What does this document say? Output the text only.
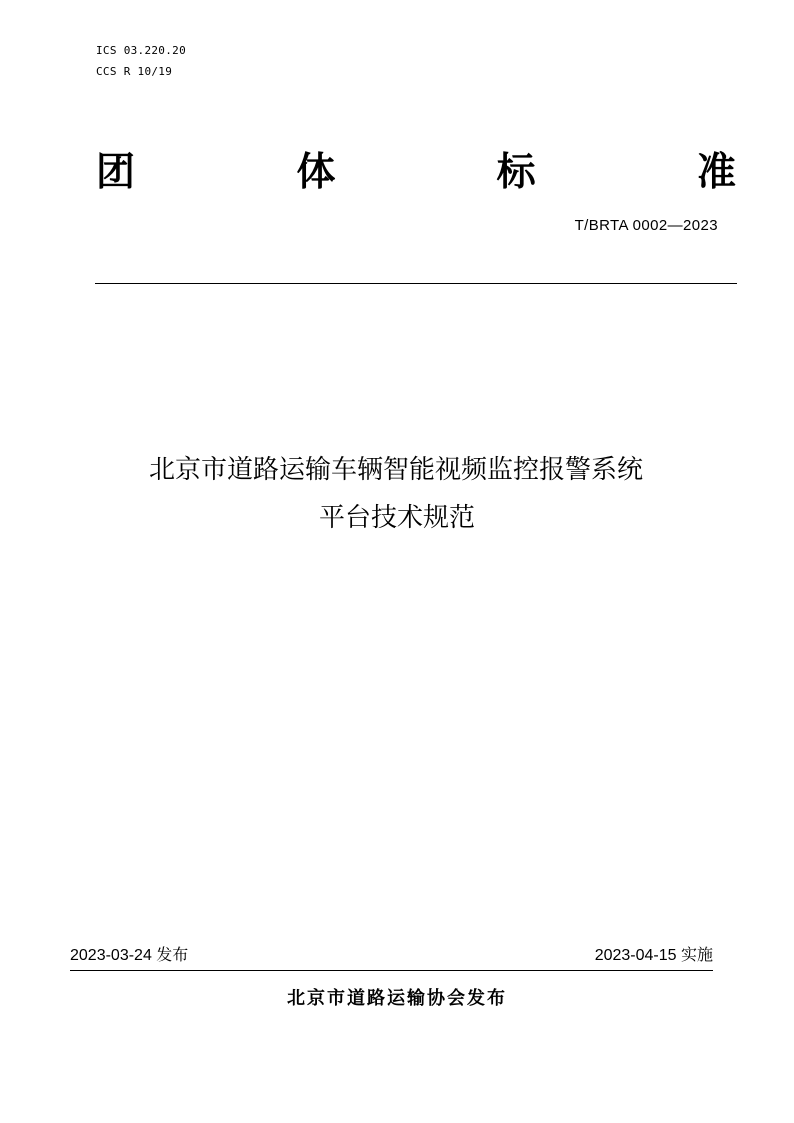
ICS 03.220.20
CCS R 10/19
团	体	标	准
T/BRTA 0002—2023
北京市道路运输车辆智能视频监控报警系统
平台技术规范
2023-03-24 发布	2023-04-15 实施
北京市道路运输协会发布
